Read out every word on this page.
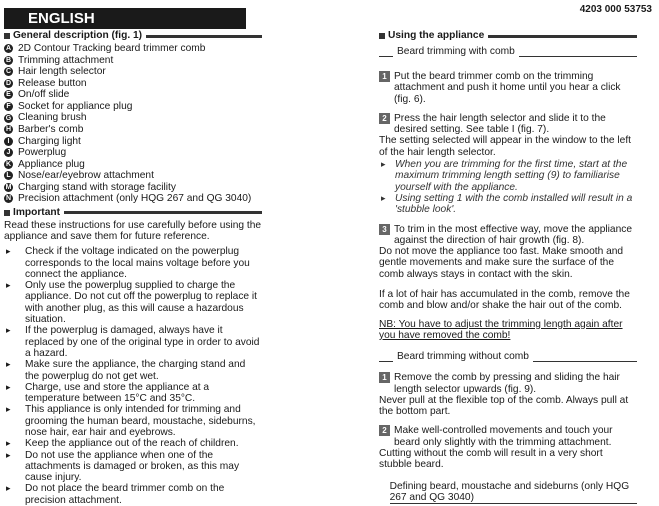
4203 000 53753
ENGLISH
General description (fig. 1)
A 2D Contour Tracking beard trimmer comb
B Trimming attachment
C Hair length selector
D Release button
E On/off slide
F Socket for appliance plug
G Cleaning brush
H Barber's comb
I Charging light
J Powerplug
K Appliance plug
L Nose/ear/eyebrow attachment
M Charging stand with storage facility
N Precision attachment (only HQG 267 and QG 3040)
Important

Read these instructions for use carefully before using the appliance and save them for future reference.

▸ Check if the voltage indicated on the powerplug corresponds to the local mains voltage before you connect the appliance.
▸ Only use the powerplug supplied to charge the appliance. Do not cut off the powerplug to replace it with another plug, as this will cause a hazardous situation.
▸ If the powerplug is damaged, always have it replaced by one of the original type in order to avoid a hazard.
▸ Make sure the appliance, the charging stand and the powerplug do not get wet.
▸ Charge, use and store the appliance at a temperature between 15°C and 35°C.
▸ This appliance is only intended for trimming and grooming the human beard, moustache, sideburns, nose hair, ear hair and eyebrows.
▸ Keep the appliance out of the reach of children.
▸ Do not use the appliance when one of the attachments is damaged or broken, as this may cause injury.
▸ Do not place the beard trimmer comb on the precision attachment.
Using the appliance
Beard trimming with comb
1 Put the beard trimmer comb on the trimming attachment and push it home until you hear a click (fig. 6).
2 Press the hair length selector and slide it to the desired setting. See table I (fig. 7).

The setting selected will appear in the window to the left of the hair length selector.

▸ When you are trimming for the first time, start at the maximum trimming length setting (9) to familiarise yourself with the appliance.
▸ Using setting 1 with the comb installed will result in a 'stubble look'.
3 To trim in the most effective way, move the appliance against the direction of hair growth (fig. 8).

Do not move the appliance too fast. Make smooth and gentle movements and make sure the surface of the comb always stays in contact with the skin.

If a lot of hair has accumulated in the comb, remove the comb and blow and/or shake the hair out of the comb.

NB: You have to adjust the trimming length again after you have removed the comb!

Beard trimming without comb
1 Remove the comb by pressing and sliding the hair length selector upwards (fig. 9).

Never pull at the flexible top of the comb. Always pull at the bottom part.

2 Make well-controlled movements and touch your beard only slightly with the trimming attachment.

Cutting without the comb will result in a very short stubble beard.

Defining beard, moustache and sideburns (only HQG 267 and QG 3040)
